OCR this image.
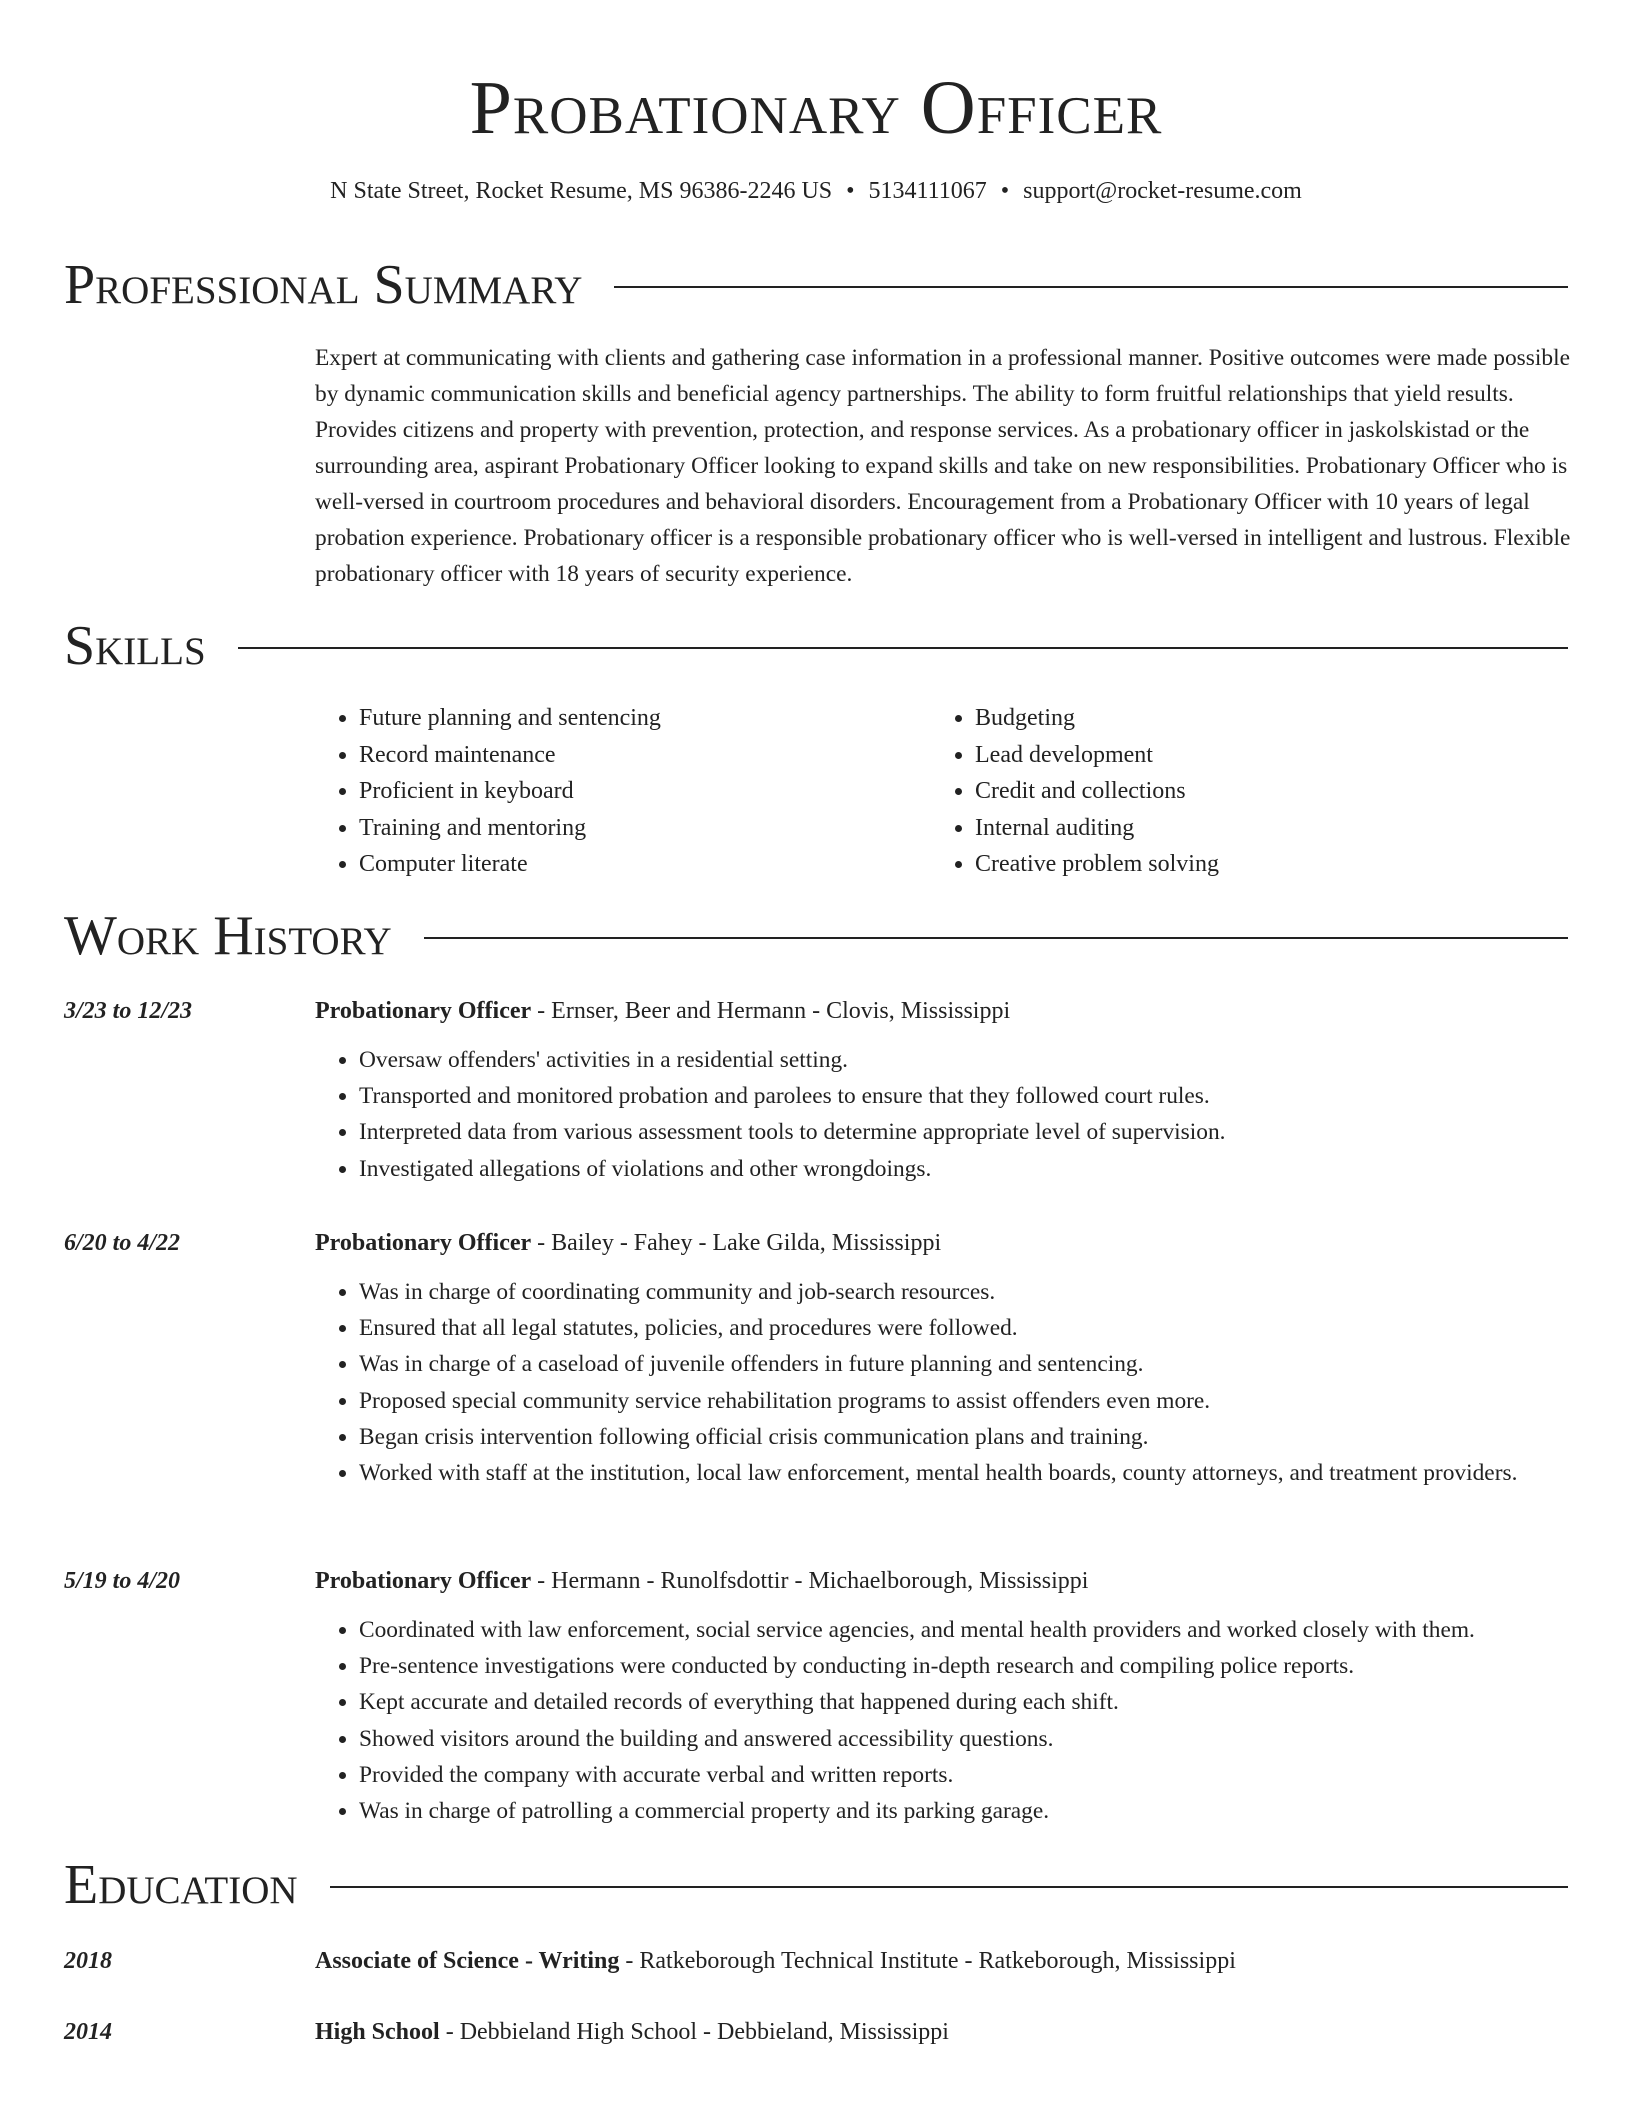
Probationary Officer
N State Street, Rocket Resume, MS 96386-2246 US • 5134111067 • support@rocket-resume.com
Professional Summary

Expert at communicating with clients and gathering case information in a professional manner. Positive outcomes were made possible by dynamic communication skills and beneficial agency partnerships. The ability to form fruitful relationships that yield results. Provides citizens and property with prevention, protection, and response services. As a probationary officer in jaskolskistad or the surrounding area, aspirant Probationary Officer looking to expand skills and take on new responsibilities. Probationary Officer who is well-versed in courtroom procedures and behavioral disorders. Encouragement from a Probationary Officer with 10 years of legal probation experience. Probationary officer is a responsible probationary officer who is well-versed in intelligent and lustrous. Flexible probationary officer with 18 years of security experience.

Skills
• Future planning and sentencing
• Record maintenance
• Proficient in keyboard
• Training and mentoring
• Computer literate
• Budgeting
• Lead development
• Credit and collections
• Internal auditing
• Creative problem solving
Work History
3/23 to 12/23	Probationary Officer - Ernser, Beer and Hermann - Clovis, Mississippi
• Oversaw offenders' activities in a residential setting.
• Transported and monitored probation and parolees to ensure that they followed court rules.
• Interpreted data from various assessment tools to determine appropriate level of supervision.
• Investigated allegations of violations and other wrongdoings.
6/20 to 4/22	Probationary Officer - Bailey - Fahey - Lake Gilda, Mississippi
• Was in charge of coordinating community and job-search resources.
• Ensured that all legal statutes, policies, and procedures were followed.
• Was in charge of a caseload of juvenile offenders in future planning and sentencing.
• Proposed special community service rehabilitation programs to assist offenders even more.
• Began crisis intervention following official crisis communication plans and training.
• Worked with staff at the institution, local law enforcement, mental health boards, county attorneys, and treatment providers.
5/19 to 4/20	Probationary Officer - Hermann - Runolfsdottir - Michaelborough, Mississippi
• Coordinated with law enforcement, social service agencies, and mental health providers and worked closely with them.
• Pre-sentence investigations were conducted by conducting in-depth research and compiling police reports.
• Kept accurate and detailed records of everything that happened during each shift.
• Showed visitors around the building and answered accessibility questions.
• Provided the company with accurate verbal and written reports.
• Was in charge of patrolling a commercial property and its parking garage.
Education
2018	Associate of Science - Writing - Ratkeborough Technical Institute - Ratkeborough, Mississippi
2014	High School - Debbieland High School - Debbieland, Mississippi
